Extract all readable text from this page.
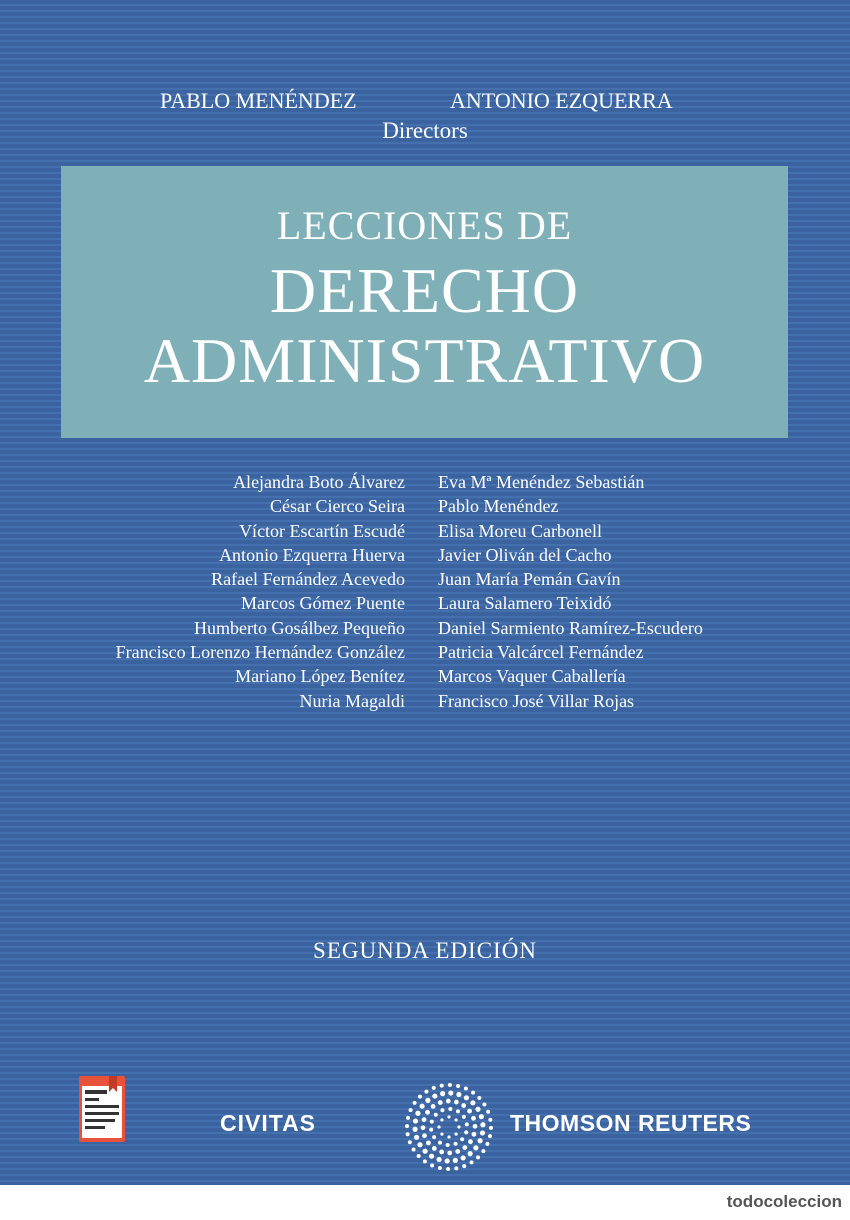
PABLO MENÉNDEZ	ANTONIO EZQUERRA
Directors
LECCIONES DE
DERECHO
ADMINISTRATIVO
Alejandra Boto Álvarez
César Cierco Seira
Víctor Escartín Escudé
Antonio Ezquerra Huerva
Rafael Fernández Acevedo
Marcos Gómez Puente
Humberto Gosálbez Pequeño
Francisco Lorenzo Hernández González
Mariano López Benítez
Nuria Magaldi
Eva Mª Menéndez Sebastián
Pablo Menéndez
Elisa Moreu Carbonell
Javier Oliván del Cacho
Juan María Pemán Gavín
Laura Salamero Teixidó
Daniel Sarmiento Ramírez-Escudero
Patricia Valcárcel Fernández
Marcos Vaquer Caballería
Francisco José Villar Rojas
SEGUNDA EDICIÓN
CIVITAS	THOMSON REUTERS
todocoleccion
